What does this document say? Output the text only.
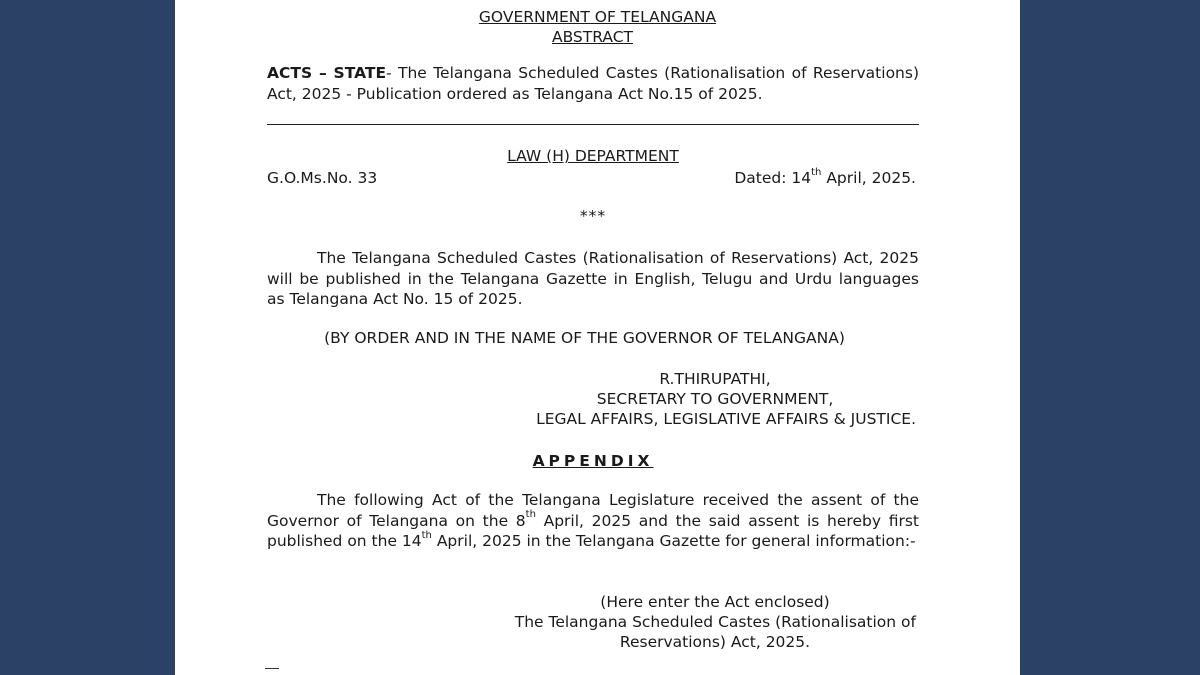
GOVERNMENT OF TELANGANA
ABSTRACT
ACTS – STATE- The Telangana Scheduled Castes (Rationalisation of Reservations) Act, 2025 - Publication ordered as Telangana Act No.15 of 2025.
LAW (H) DEPARTMENT
G.O.Ms.No. 33	Dated: 14th April, 2025.
***
The Telangana Scheduled Castes (Rationalisation of Reservations) Act, 2025 will be published in the Telangana Gazette in English, Telugu and Urdu languages as Telangana Act No. 15 of 2025.
(BY ORDER AND IN THE NAME OF THE GOVERNOR OF TELANGANA)
R.THIRUPATHI,
SECRETARY TO GOVERNMENT,
LEGAL AFFAIRS, LEGISLATIVE AFFAIRS & JUSTICE.
APPENDIX
The following Act of the Telangana Legislature received the assent of the Governor of Telangana on the 8th April, 2025 and the said assent is hereby first published on the 14th April, 2025 in the Telangana Gazette for general information:-
(Here enter the Act enclosed)
The Telangana Scheduled Castes (Rationalisation of
Reservations) Act, 2025.
